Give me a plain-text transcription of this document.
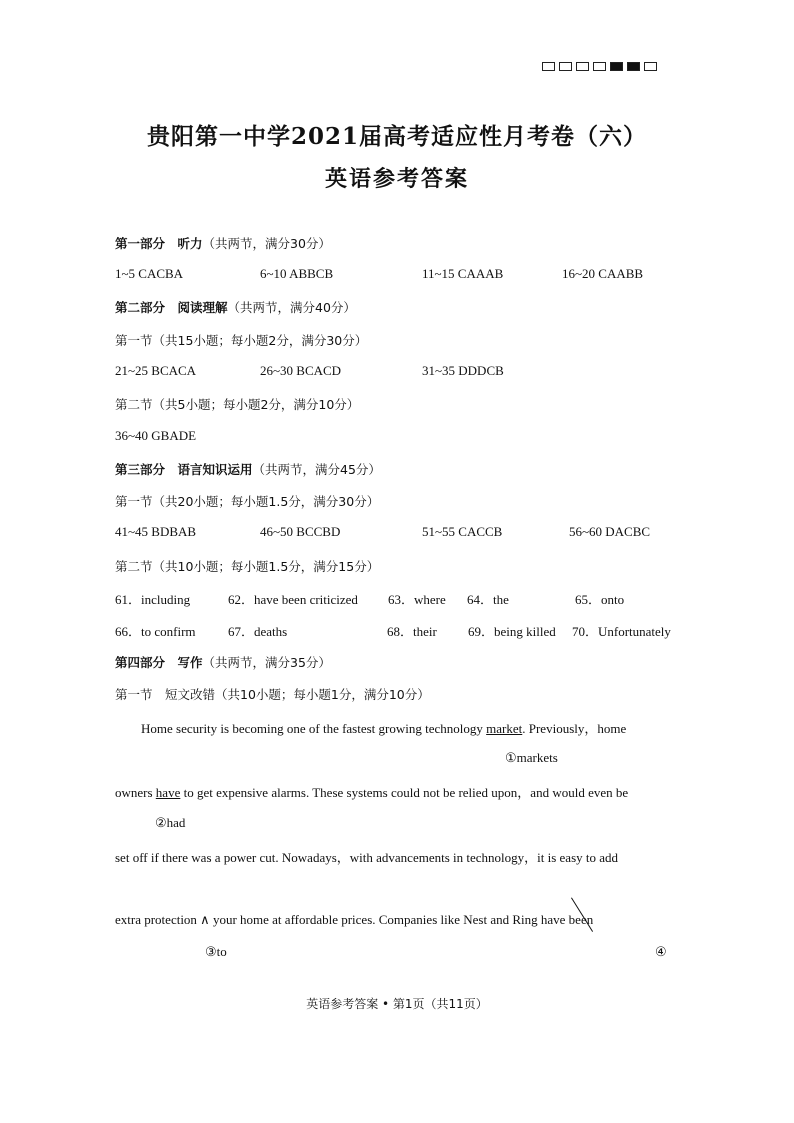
贵阳第一中学2021届高考适应性月考卷（六）
英语参考答案
第一部分　听力（共两节，满分30分）
1~5 CACBA	6~10 ABBCB	11~15 CAAAB	16~20 CAABB
第二部分　阅读理解（共两节，满分40分）
第一节（共15小题；每小题2分，满分30分）
21~25 BCACA	26~30 BCACD	31~35 DDDCB
第二节（共5小题；每小题2分，满分10分）
36~40 GBADE
第三部分　语言知识运用（共两节，满分45分）
第一节（共20小题；每小题1.5分，满分30分）
41~45 BDBAB	46~50 BCCBD	51~55 CACCB	56~60 DACBC
第二节（共10小题；每小题1.5分，满分15分）
61．including	62．have been criticized 63．where 64．the	65．onto
66．to confirm 67．deaths	68．their 69．being killed 70．Unfortunately
第四部分　写作（共两节，满分35分）
第一节　短文改错（共10小题；每小题1分，满分10分）
Home security is becoming one of the fastest growing technology market. Previously，home
①markets
owners have to get expensive alarms. These systems could not be relied upon，and would even be
②had
set off if there was a power cut. Nowadays，with advancements in technology，it is easy to add
extra protection ∧ your home at affordable prices. Companies like Nest and Ring have been
③to	④
英语参考答案 • 第1页（共11页）
